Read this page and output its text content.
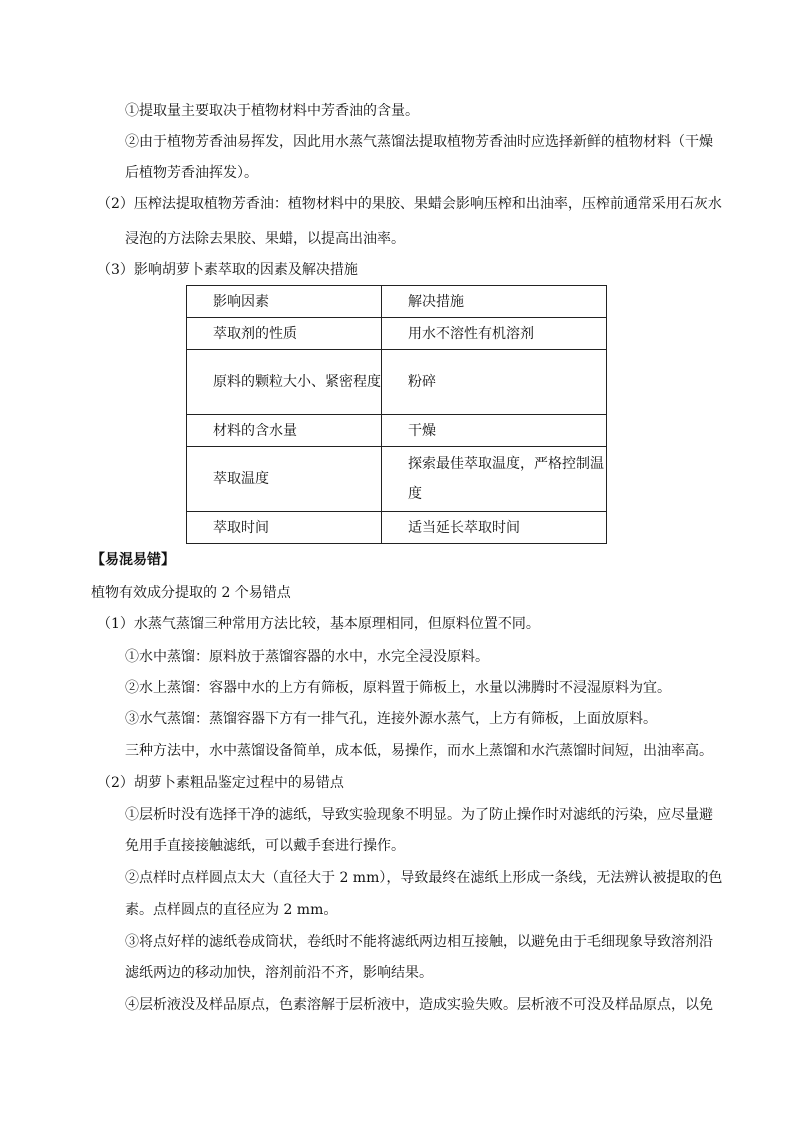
①提取量主要取决于植物材料中芳香油的含量。
②由于植物芳香油易挥发，因此用水蒸气蒸馏法提取植物芳香油时应选择新鲜的植物材料（干燥
后植物芳香油挥发）。
（2）压榨法提取植物芳香油：植物材料中的果胶、果蜡会影响压榨和出油率，压榨前通常采用石灰水
浸泡的方法除去果胶、果蜡，以提高出油率。
（3）影响胡萝卜素萃取的因素及解决措施
影响因素	解决措施
萃取剂的性质	用水不溶性有机溶剂
原料的颗粒大小、紧密程度	粉碎
材料的含水量	干燥
萃取温度	探索最佳萃取温度，严格控制温度
萃取时间	适当延长萃取时间
【易混易错】
植物有效成分提取的 2 个易错点
（1）水蒸气蒸馏三种常用方法比较，基本原理相同，但原料位置不同。
①水中蒸馏：原料放于蒸馏容器的水中，水完全浸没原料。
②水上蒸馏：容器中水的上方有筛板，原料置于筛板上，水量以沸腾时不浸湿原料为宜。
③水气蒸馏：蒸馏容器下方有一排气孔，连接外源水蒸气，上方有筛板，上面放原料。
三种方法中，水中蒸馏设备简单，成本低，易操作，而水上蒸馏和水汽蒸馏时间短，出油率高。
（2）胡萝卜素粗品鉴定过程中的易错点
①层析时没有选择干净的滤纸，导致实验现象不明显。为了防止操作时对滤纸的污染，应尽量避
免用手直接接触滤纸，可以戴手套进行操作。
②点样时点样圆点太大（直径大于 2 mm），导致最终在滤纸上形成一条线，无法辨认被提取的色
素。点样圆点的直径应为 2 mm。
③将点好样的滤纸卷成筒状，卷纸时不能将滤纸两边相互接触，以避免由于毛细现象导致溶剂沿
滤纸两边的移动加快，溶剂前沿不齐，影响结果。
④层析液没及样品原点，色素溶解于层析液中，造成实验失败。层析液不可没及样品原点，以免
